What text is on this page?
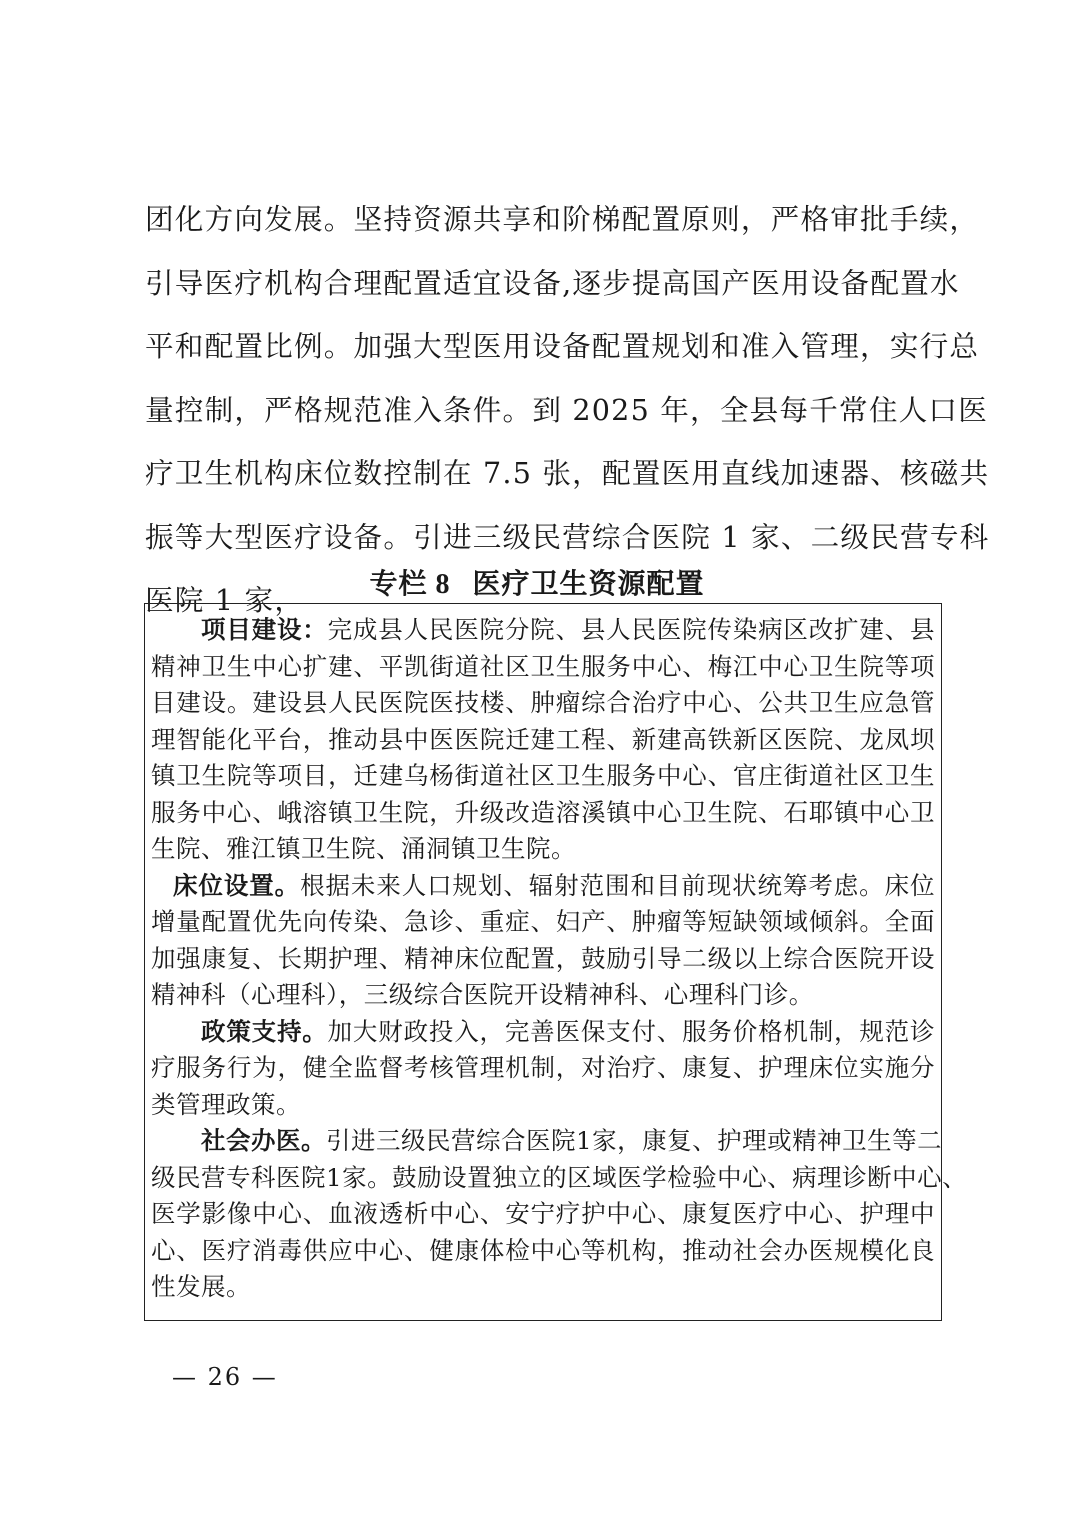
团化方向发展。坚持资源共享和阶梯配置原则，严格审批手续，
引导医疗机构合理配置适宜设备,逐步提高国产医用设备配置水
平和配置比例。加强大型医用设备配置规划和准入管理，实行总
量控制，严格规范准入条件。到 2025 年，全县每千常住人口医
疗卫生机构床位数控制在 7.5 张，配置医用直线加速器、核磁共
振等大型医疗设备。引进三级民营综合医院 1 家、二级民营专科
医院 1 家，	专栏 8 医疗卫生资源配置
项目建设：完成县人民医院分院、县人民医院传染病区改扩建、县
精神卫生中心扩建、平凯街道社区卫生服务中心、梅江中心卫生院等项
目建设。建设县人民医院医技楼、肿瘤综合治疗中心、公共卫生应急管
理智能化平台，推动县中医医院迁建工程、新建高铁新区医院、龙凤坝
镇卫生院等项目，迁建乌杨街道社区卫生服务中心、官庄街道社区卫生
服务中心、峨溶镇卫生院，升级改造溶溪镇中心卫生院、石耶镇中心卫
生院、雅江镇卫生院、涌洞镇卫生院。
床位设置。根据未来人口规划、辐射范围和目前现状统筹考虑。床位
增量配置优先向传染、急诊、重症、妇产、肿瘤等短缺领域倾斜。全面
加强康复、长期护理、精神床位配置，鼓励引导二级以上综合医院开设
精神科（心理科），三级综合医院开设精神科、心理科门诊。
政策支持。加大财政投入，完善医保支付、服务价格机制，规范诊
疗服务行为，健全监督考核管理机制，对治疗、康复、护理床位实施分
类管理政策。
社会办医。引进三级民营综合医院1家，康复、护理或精神卫生等二
级民营专科医院1家。鼓励设置独立的区域医学检验中心、病理诊断中心、
医学影像中心、血液透析中心、安宁疗护中心、康复医疗中心、护理中
心、医疗消毒供应中心、健康体检中心等机构，推动社会办医规模化良
性发展。
— 26 —
